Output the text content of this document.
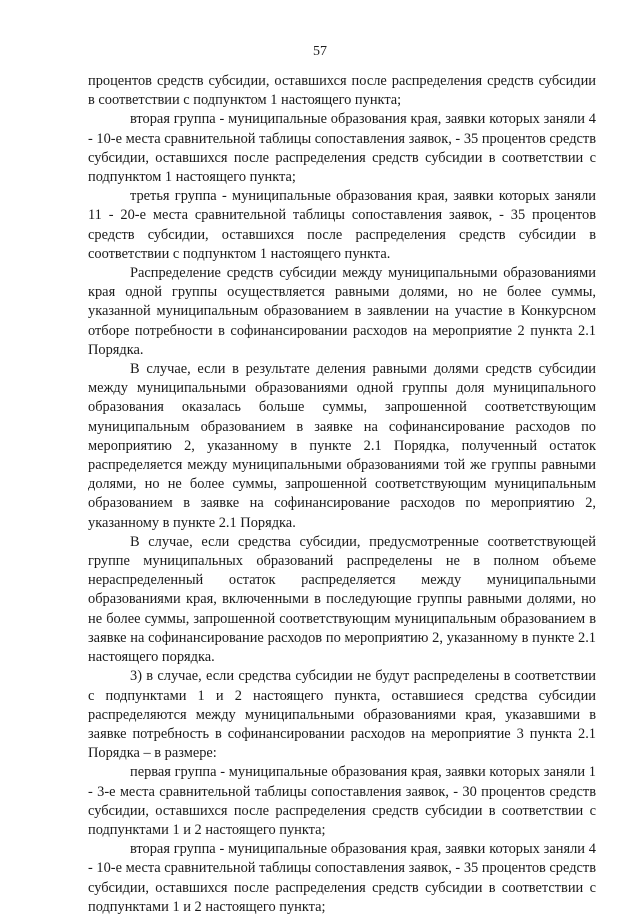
57

процентов средств субсидии, оставшихся после распределения средств субсидии в соответствии с подпунктом 1 настоящего пункта;

вторая группа - муниципальные образования края, заявки которых заняли 4 - 10-е места сравнительной таблицы сопоставления заявок, - 35 процентов средств субсидии, оставшихся после распределения средств субсидии в соответствии с подпунктом 1 настоящего пункта;

третья группа - муниципальные образования края, заявки которых заняли 11 - 20-е места сравнительной таблицы сопоставления заявок, - 35 процентов средств субсидии, оставшихся после распределения средств субсидии в соответствии с подпунктом 1 настоящего пункта.

Распределение средств субсидии между муниципальными образованиями края одной группы осуществляется равными долями, но не более суммы, указанной муниципальным образованием в заявлении на участие в Конкурсном отборе потребности в софинансировании расходов на мероприятие 2 пункта 2.1 Порядка.

В случае, если в результате деления равными долями средств субсидии между муниципальными образованиями одной группы доля муниципального образования оказалась больше суммы, запрошенной соответствующим муниципальным образованием в заявке на софинансирование расходов по мероприятию 2, указанному в пункте 2.1 Порядка, полученный остаток распределяется между муниципальными образованиями той же группы равными долями, но не более суммы, запрошенной соответствующим муниципальным образованием в заявке на софинансирование расходов по мероприятию 2, указанному в пункте 2.1 Порядка.

В случае, если средства субсидии, предусмотренные соответствующей группе муниципальных образований распределены не в полном объеме нераспределенный остаток распределяется между муниципальными образованиями края, включенными в последующие группы равными долями, но не более суммы, запрошенной соответствующим муниципальным образованием в заявке на софинансирование расходов по мероприятию 2, указанному в пункте 2.1 настоящего порядка.

3) в случае, если средства субсидии не будут распределены в соответствии с подпунктами 1 и 2 настоящего пункта, оставшиеся средства субсидии распределяются между муниципальными образованиями края, указавшими в заявке потребность в софинансировании расходов на мероприятие 3 пункта 2.1 Порядка – в размере:

первая группа - муниципальные образования края, заявки которых заняли 1 - 3-е места сравнительной таблицы сопоставления заявок, - 30 процентов средств субсидии, оставшихся после распределения средств субсидии в соответствии с подпунктами 1 и 2 настоящего пункта;

вторая группа - муниципальные образования края, заявки которых заняли 4 - 10-е места сравнительной таблицы сопоставления заявок, - 35 процентов средств субсидии, оставшихся после распределения средств субсидии в соответствии с подпунктами 1 и 2 настоящего пункта;
